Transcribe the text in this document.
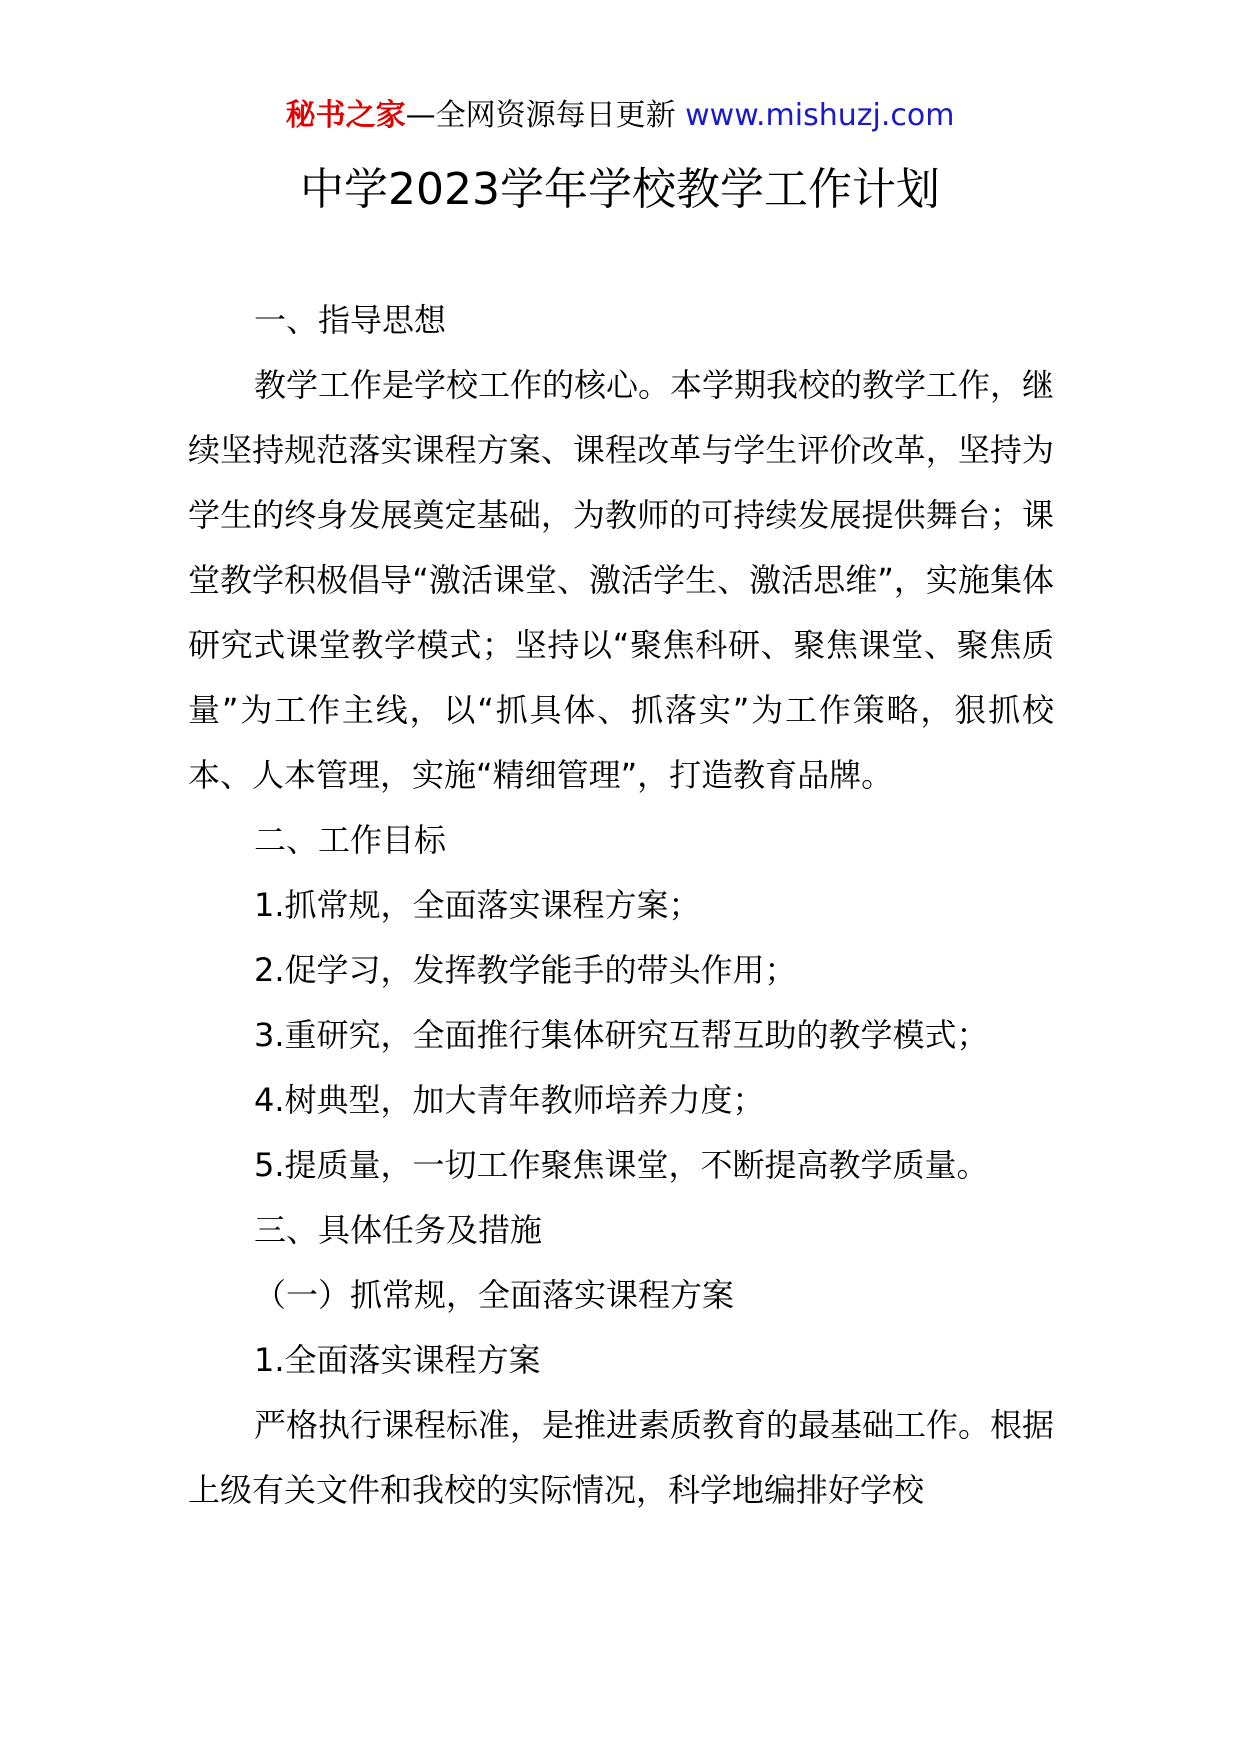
秘书之家—全网资源每日更新 www.mishuzj.com
中学2023学年学校教学工作计划

一、指导思想

教学工作是学校工作的核心。本学期我校的教学工作，继续坚持规范落实课程方案、课程改革与学生评价改革，坚持为学生的终身发展奠定基础，为教师的可持续发展提供舞台；课堂教学积极倡导“激活课堂、激活学生、激活思维”，实施集体研究式课堂教学模式；坚持以“聚焦科研、聚焦课堂、聚焦质量”为工作主线，以“抓具体、抓落实”为工作策略，狠抓校本、人本管理，实施“精细管理”，打造教育品牌。

二、工作目标

1.抓常规，全面落实课程方案；

2.促学习，发挥教学能手的带头作用；

3.重研究，全面推行集体研究互帮互助的教学模式；

4.树典型，加大青年教师培养力度；

5.提质量，一切工作聚焦课堂，不断提高教学质量。

三、具体任务及措施

（一）抓常规，全面落实课程方案

1.全面落实课程方案

严格执行课程标准，是推进素质教育的最基础工作。根据上级有关文件和我校的实际情况，科学地编排好学校
